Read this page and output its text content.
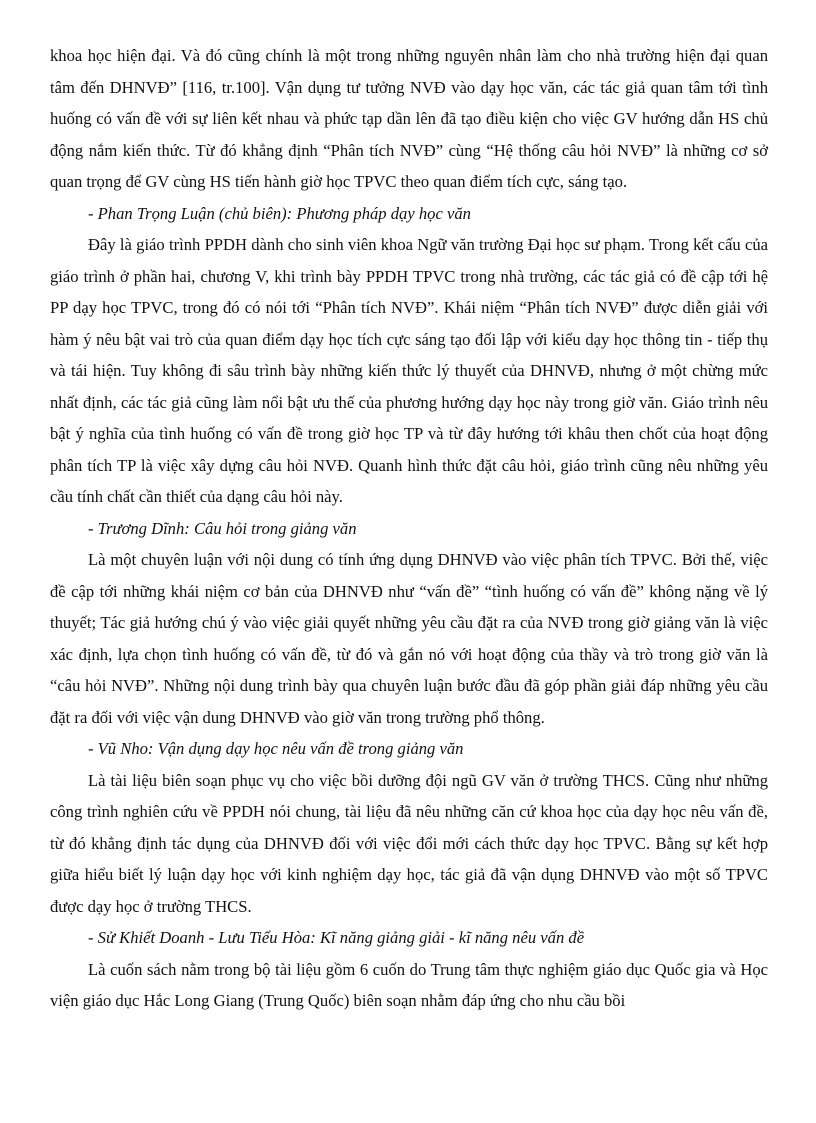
khoa học hiện đại. Và đó cũng chính là một trong những nguyên nhân làm cho nhà trường hiện đại quan tâm đến DHNVĐ” [116, tr.100]. Vận dụng tư tưởng NVĐ vào dạy học văn, các tác giả quan tâm tới tình huống có vấn đề với sự liên kết nhau và phức tạp dần lên đã tạo điều kiện cho việc GV hướng dẫn HS chủ động nắm kiến thức. Từ đó khẳng định “Phân tích NVĐ” cùng “Hệ thống câu hỏi NVĐ” là những cơ sở quan trọng để GV cùng HS tiến hành giờ học TPVC theo quan điểm tích cực, sáng tạo.

- Phan Trọng Luận (chủ biên): Phương pháp dạy học văn

Đây là giáo trình PPDH dành cho sinh viên khoa Ngữ văn trường Đại học sư phạm. Trong kết cấu của giáo trình ở phần hai, chương V, khi trình bày PPDH TPVC trong nhà trường, các tác giả có đề cập tới hệ PP dạy học TPVC, trong đó có nói tới “Phân tích NVĐ”. Khái niệm “Phân tích NVĐ” được diễn giải với hàm ý nêu bật vai trò của quan điểm dạy học tích cực sáng tạo đối lập với kiểu dạy học thông tin - tiếp thụ và tái hiện. Tuy không đi sâu trình bày những kiến thức lý thuyết của DHNVĐ, nhưng ở một chừng mức nhất định, các tác giả cũng làm nổi bật ưu thế của phương hướng dạy học này trong giờ văn. Giáo trình nêu bật ý nghĩa của tình huống có vấn đề trong giờ học TP và từ đây hướng tới khâu then chốt của hoạt động phân tích TP là việc xây dựng câu hỏi NVĐ. Quanh hình thức đặt câu hỏi, giáo trình cũng nêu những yêu cầu tính chất cần thiết của dạng câu hỏi này.

- Trương Dĩnh: Câu hỏi trong giảng văn

Là một chuyên luận với nội dung có tính ứng dụng DHNVĐ vào việc phân tích TPVC. Bởi thế, việc đề cập tới những khái niệm cơ bản của DHNVĐ như “vấn đề” “tình huống có vấn đề” không nặng về lý thuyết; Tác giả hướng chú ý vào việc giải quyết những yêu cầu đặt ra của NVĐ trong giờ giảng văn là việc xác định, lựa chọn tình huống có vấn đề, từ đó và gắn nó với hoạt động của thầy và trò trong giờ văn là “câu hỏi NVĐ”. Những nội dung trình bày qua chuyên luận bước đầu đã góp phần giải đáp những yêu cầu đặt ra đối với việc vận dung DHNVĐ vào giờ văn trong trường phổ thông.

- Vũ Nho: Vận dụng dạy học nêu vấn đề trong giảng văn

Là tài liệu biên soạn phục vụ cho việc bồi dưỡng đội ngũ GV văn ở trường THCS. Cũng như những công trình nghiên cứu về PPDH nói chung, tài liệu đã nêu những căn cứ khoa học của dạy học nêu vấn đề, từ đó khẳng định tác dụng của DHNVĐ đối với việc đổi mới cách thức dạy học TPVC. Bằng sự kết hợp giữa hiểu biết lý luận dạy học với kinh nghiệm dạy học, tác giả đã vận dụng DHNVĐ vào một số TPVC được dạy học ở trường THCS.

- Sử Khiết Doanh - Lưu Tiểu Hòa: Kĩ năng giảng giải - kĩ năng nêu vấn đề

Là cuốn sách nằm trong bộ tài liệu gồm 6 cuốn do Trung tâm thực nghiệm giáo dục Quốc gia và Học viện giáo dục Hắc Long Giang (Trung Quốc) biên soạn nhằm đáp ứng cho nhu cầu bồi
